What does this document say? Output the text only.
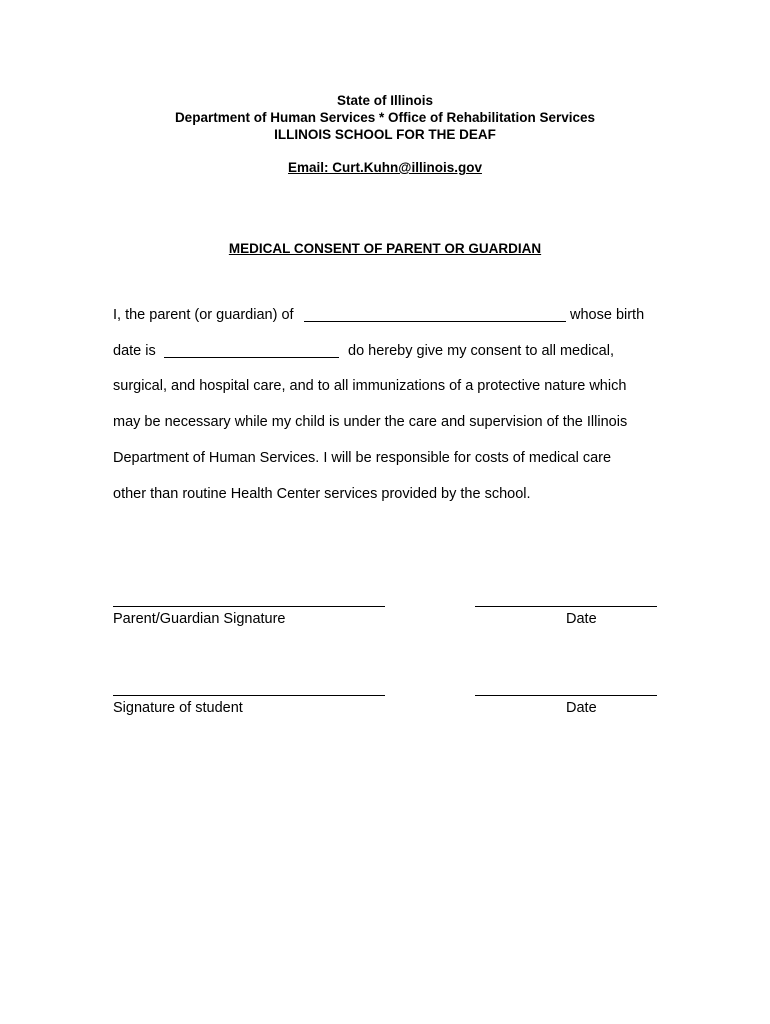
State of Illinois
Department of Human Services * Office of Rehabilitation Services
ILLINOIS SCHOOL FOR THE DEAF
Email: Curt.Kuhn@illinois.gov
MEDICAL CONSENT OF PARENT OR GUARDIAN
I, the parent (or guardian) of	whose birth
date is	do hereby give my consent to all medical,
surgical, and hospital care, and to all immunizations of a protective nature which
may be necessary while my child is under the care and supervision of the Illinois
Department of Human Services. I will be responsible for costs of medical care
other than routine Health Center services provided by the school.
Parent/Guardian Signature	Date
Signature of student	Date
